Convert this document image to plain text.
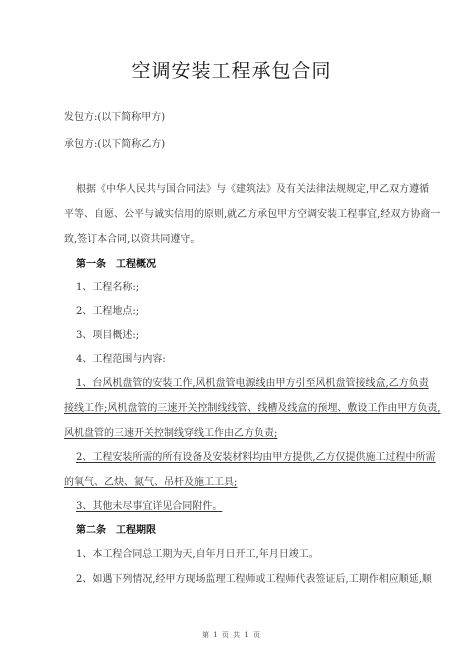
空调安装工程承包合同
发包方:(以下简称甲方)
承包方:(以下简称乙方)
根据《中华人民共与国合同法》与《建筑法》及有关法律法规规定,甲乙双方遵循
平等、自愿、公平与诚实信用的原则,就乙方承包甲方空调安装工程事宜,经双方协商一
致,签订本合同,以资共同遵守。
第一条　工程概况
1、工程名称:;
2、工程地点:;
3、项目概述:;
4、工程范围与内容:
1、台风机盘管的安装工作,风机盘管电源线由甲方引至风机盘管接线盒,乙方负责
接线工作;风机盘管的三速开关控制线线管、线槽及线盒的预埋、敷设工作由甲方负责,
风机盘管的三速开关控制线穿线工作由乙方负责;
2、工程安装所需的所有设备及安装材料均由甲方提供,乙方仅提供施工过程中所需
的氧气、乙炔、氮气、吊杆及施工工具;
3、其他未尽事宜详见合同附件。
第二条　工程期限
1、本工程合同总工期为天,自年月日开工,年月日竣工。
2、如遇下列情况,经甲方现场监理工程师或工程师代表签证后,工期作相应顺延,顺
第 1 页 共 1 页
